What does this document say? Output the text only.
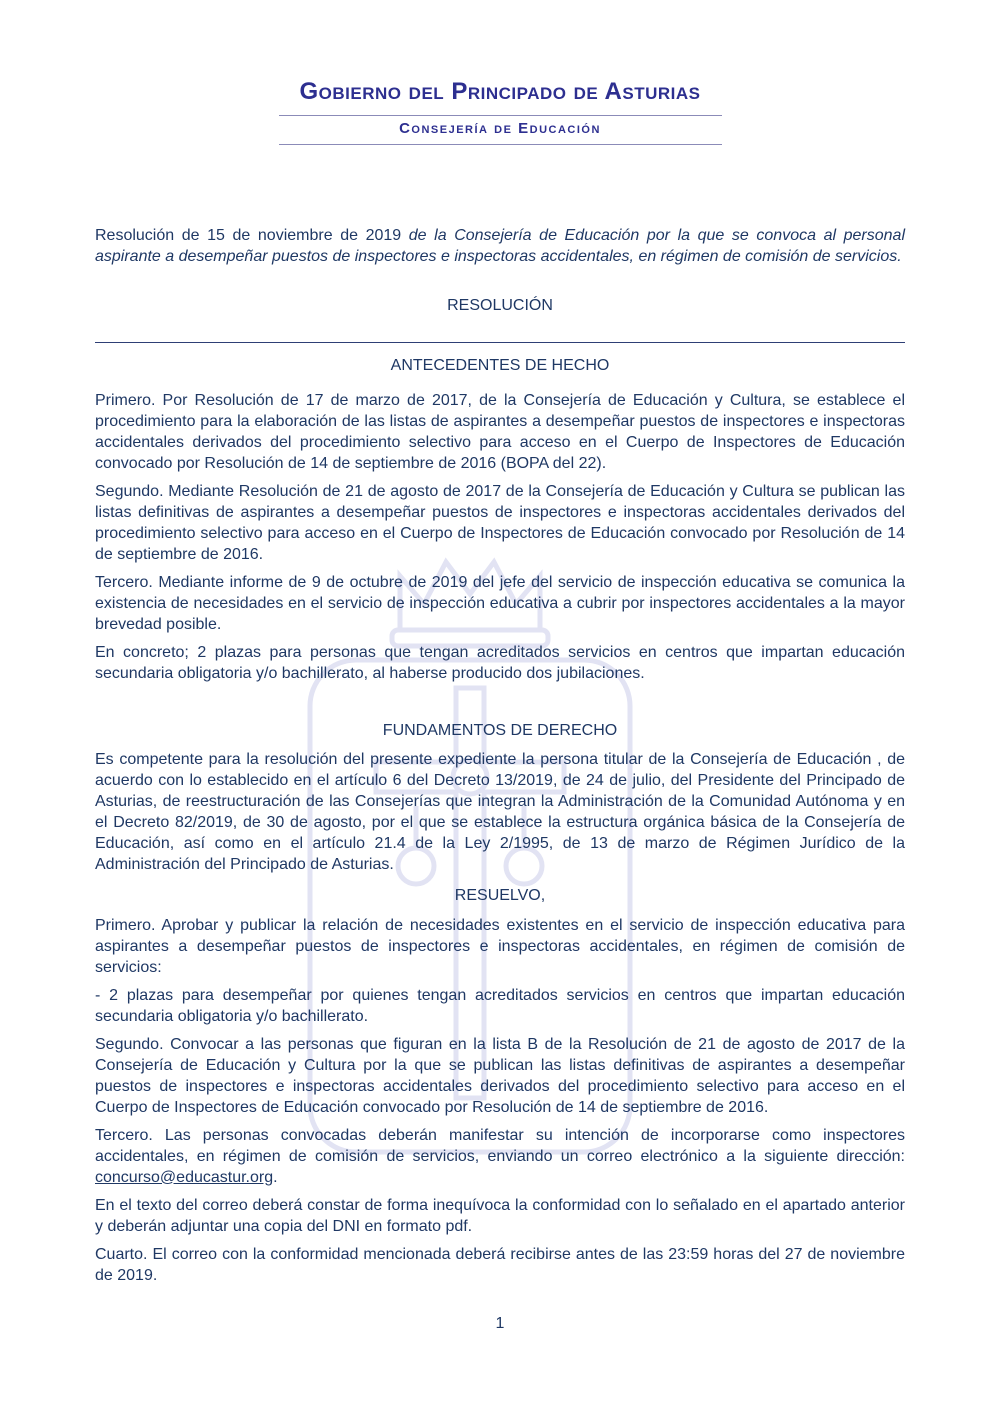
Gobierno del Principado de Asturias
Consejería de Educación

Resolución de 15 de noviembre de 2019 de la Consejería de Educación por la que se convoca al personal aspirante a desempeñar puestos de inspectores e inspectoras accidentales, en régimen de comisión de servicios.

RESOLUCIÓN

ANTECEDENTES DE HECHO

Primero. Por Resolución de 17 de marzo de 2017, de la Consejería de Educación y Cultura, se establece el procedimiento para la elaboración de las listas de aspirantes a desempeñar puestos de inspectores e inspectoras accidentales derivados del procedimiento selectivo para acceso en el Cuerpo de Inspectores de Educación convocado por Resolución de 14 de septiembre de 2016 (BOPA del 22).

Segundo. Mediante Resolución de 21 de agosto de 2017 de la Consejería de Educación y Cultura se publican las listas definitivas de aspirantes a desempeñar puestos de inspectores e inspectoras accidentales derivados del procedimiento selectivo para acceso en el Cuerpo de Inspectores de Educación convocado por Resolución de 14 de septiembre de 2016.

Tercero. Mediante informe de 9 de octubre de 2019 del jefe del servicio de inspección educativa se comunica la existencia de necesidades en el servicio de inspección educativa a cubrir por inspectores accidentales a la mayor brevedad posible.

En concreto; 2 plazas para personas que tengan acreditados servicios en centros que impartan educación secundaria obligatoria y/o bachillerato, al haberse producido dos jubilaciones.

FUNDAMENTOS DE DERECHO

Es competente para la resolución del presente expediente la persona titular de la Consejería de Educación , de acuerdo con lo establecido en el artículo 6 del Decreto 13/2019, de 24 de julio, del Presidente del Principado de Asturias, de reestructuración de las Consejerías que integran la Administración de la Comunidad Autónoma y en el Decreto 82/2019, de 30 de agosto, por el que se establece la estructura orgánica básica de la Consejería de Educación, así como en el artículo 21.4 de la Ley 2/1995, de 13 de marzo de Régimen Jurídico de la Administración del Principado de Asturias.

RESUELVO,

Primero. Aprobar y publicar la relación de necesidades existentes en el servicio de inspección educativa para aspirantes a desempeñar puestos de inspectores e inspectoras accidentales, en régimen de comisión de servicios:

- 2 plazas para desempeñar por quienes tengan acreditados servicios en centros que impartan educación secundaria obligatoria y/o bachillerato.

Segundo. Convocar a las personas que figuran en la lista B de la Resolución de 21 de agosto de 2017 de la Consejería de Educación y Cultura por la que se publican las listas definitivas de aspirantes a desempeñar puestos de inspectores e inspectoras accidentales derivados del procedimiento selectivo para acceso en el Cuerpo de Inspectores de Educación convocado por Resolución de 14 de septiembre de 2016.

Tercero. Las personas convocadas deberán manifestar su intención de incorporarse como inspectores accidentales, en régimen de comisión de servicios, enviando un correo electrónico a la siguiente dirección: concurso@educastur.org.

En el texto del correo deberá constar de forma inequívoca la conformidad con lo señalado en el apartado anterior y deberán adjuntar una copia del DNI en formato pdf.

Cuarto. El correo con la conformidad mencionada deberá recibirse antes de las 23:59 horas del 27 de noviembre de 2019.

1
